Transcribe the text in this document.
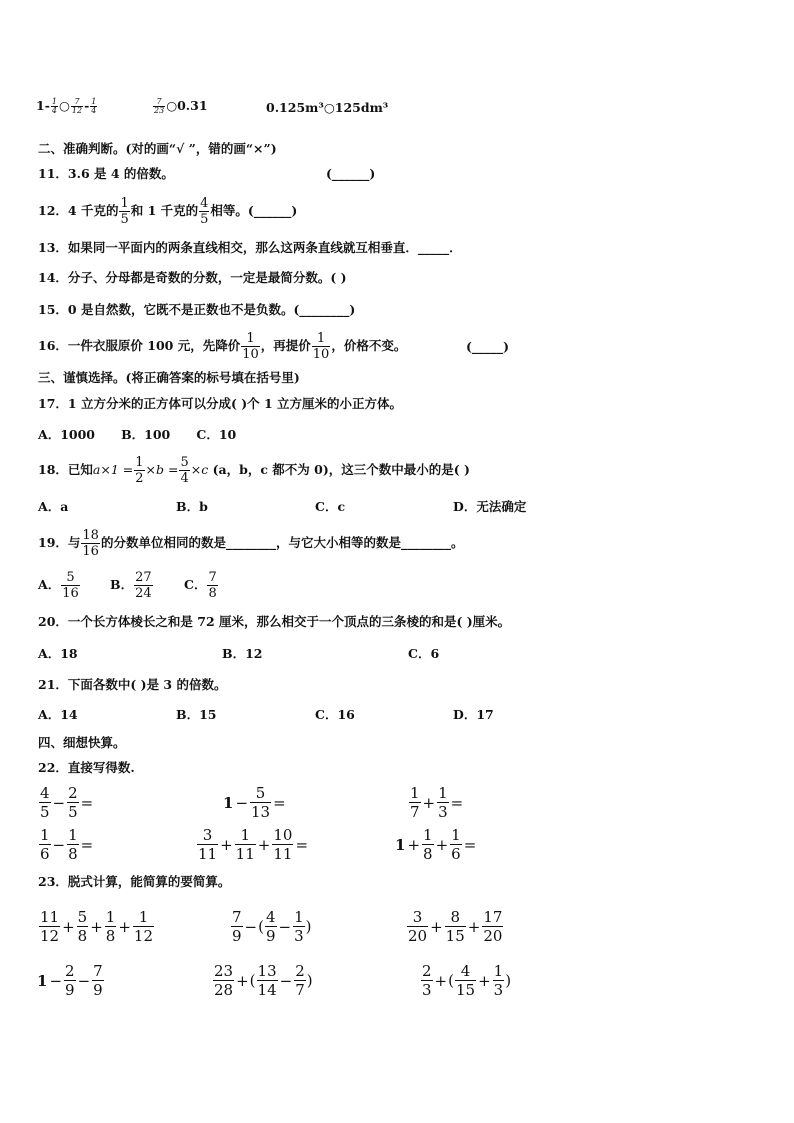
$1- \frac{1}{4}$ ○ $\frac{7}{12} - \frac{1}{4}$	$\frac{7}{23}$ ○0.31	0.125m³○125dm³
二、准确判断。(对的画“√ ”，错的画“×”)
11．3.6 是 4 的倍数。	(______)
12．4 千克的 $\frac{1}{5}$ 和 1 千克的 $\frac{4}{5}$ 相等。(______)
13．如果同一平面内的两条直线相交，那么这两条直线就互相垂直．_____．
14．分子、分母都是奇数的分数，一定是最简分数。( )
15．0 是自然数，它既不是正数也不是负数。(________)
16．一件衣服原价 100 元，先降价 $\frac{1}{10}$ ，再提价 $\frac{1}{10}$ ，价格不变。	(_____)
三、谨慎选择。(将正确答案的标号填在括号里)
17．1 立方分米的正方体可以分成( )个 1 立方厘米的小正方体。
A．1000      B．100      C．10
18．已知$a\times 1 = \frac{1}{2} \times b = \frac{5}{4} \times c$ (a，b，c 都不为 0)，这三个数中最小的是( )
A．a	B．b	C．c	D．无法确定
19．与 $\frac{18}{16}$ 的分数单位相同的数是________，与它大小相等的数是________。
A． $\frac{5}{16}$ B． $\frac{27}{24}$	C． $\frac{7}{8}$
20．一个长方体棱长之和是 72 厘米，那么相交于一个顶点的三条棱的和是( )厘米。
A．18	B．12	C．6
21．下面各数中( )是 3 的倍数。
A．14	B．15	C．16	D．17
四、细想快算。
22．直接写得数.
$\frac{4}{5} - \frac{2}{5}$ =	$1 - \frac{5}{13}$ =	$\frac{1}{7} + \frac{1}{3}$ =
$\frac{1}{6} - \frac{1}{8}$ =	$\frac{3}{11} + \frac{1}{11} + \frac{10}{11}$ =	$1 + \frac{1}{8} + \frac{1}{6}$ =
23．脱式计算，能简算的要简算。
$\frac{11}{12} + \frac{5}{8} + \frac{1}{8} + \frac{1}{12}$	$\frac{7}{9}$ −( $\frac{4}{9} - \frac{1}{3}$ )	$\frac{3}{20} + \frac{8}{15} + \frac{17}{20}$
$1 - \frac{2}{9} - \frac{7}{9}$	$\frac{23}{28}$ +( $\frac{13}{14} - \frac{2}{7}$ )	$\frac{2}{3}$ +( $\frac{4}{15} + \frac{1}{3}$ )
